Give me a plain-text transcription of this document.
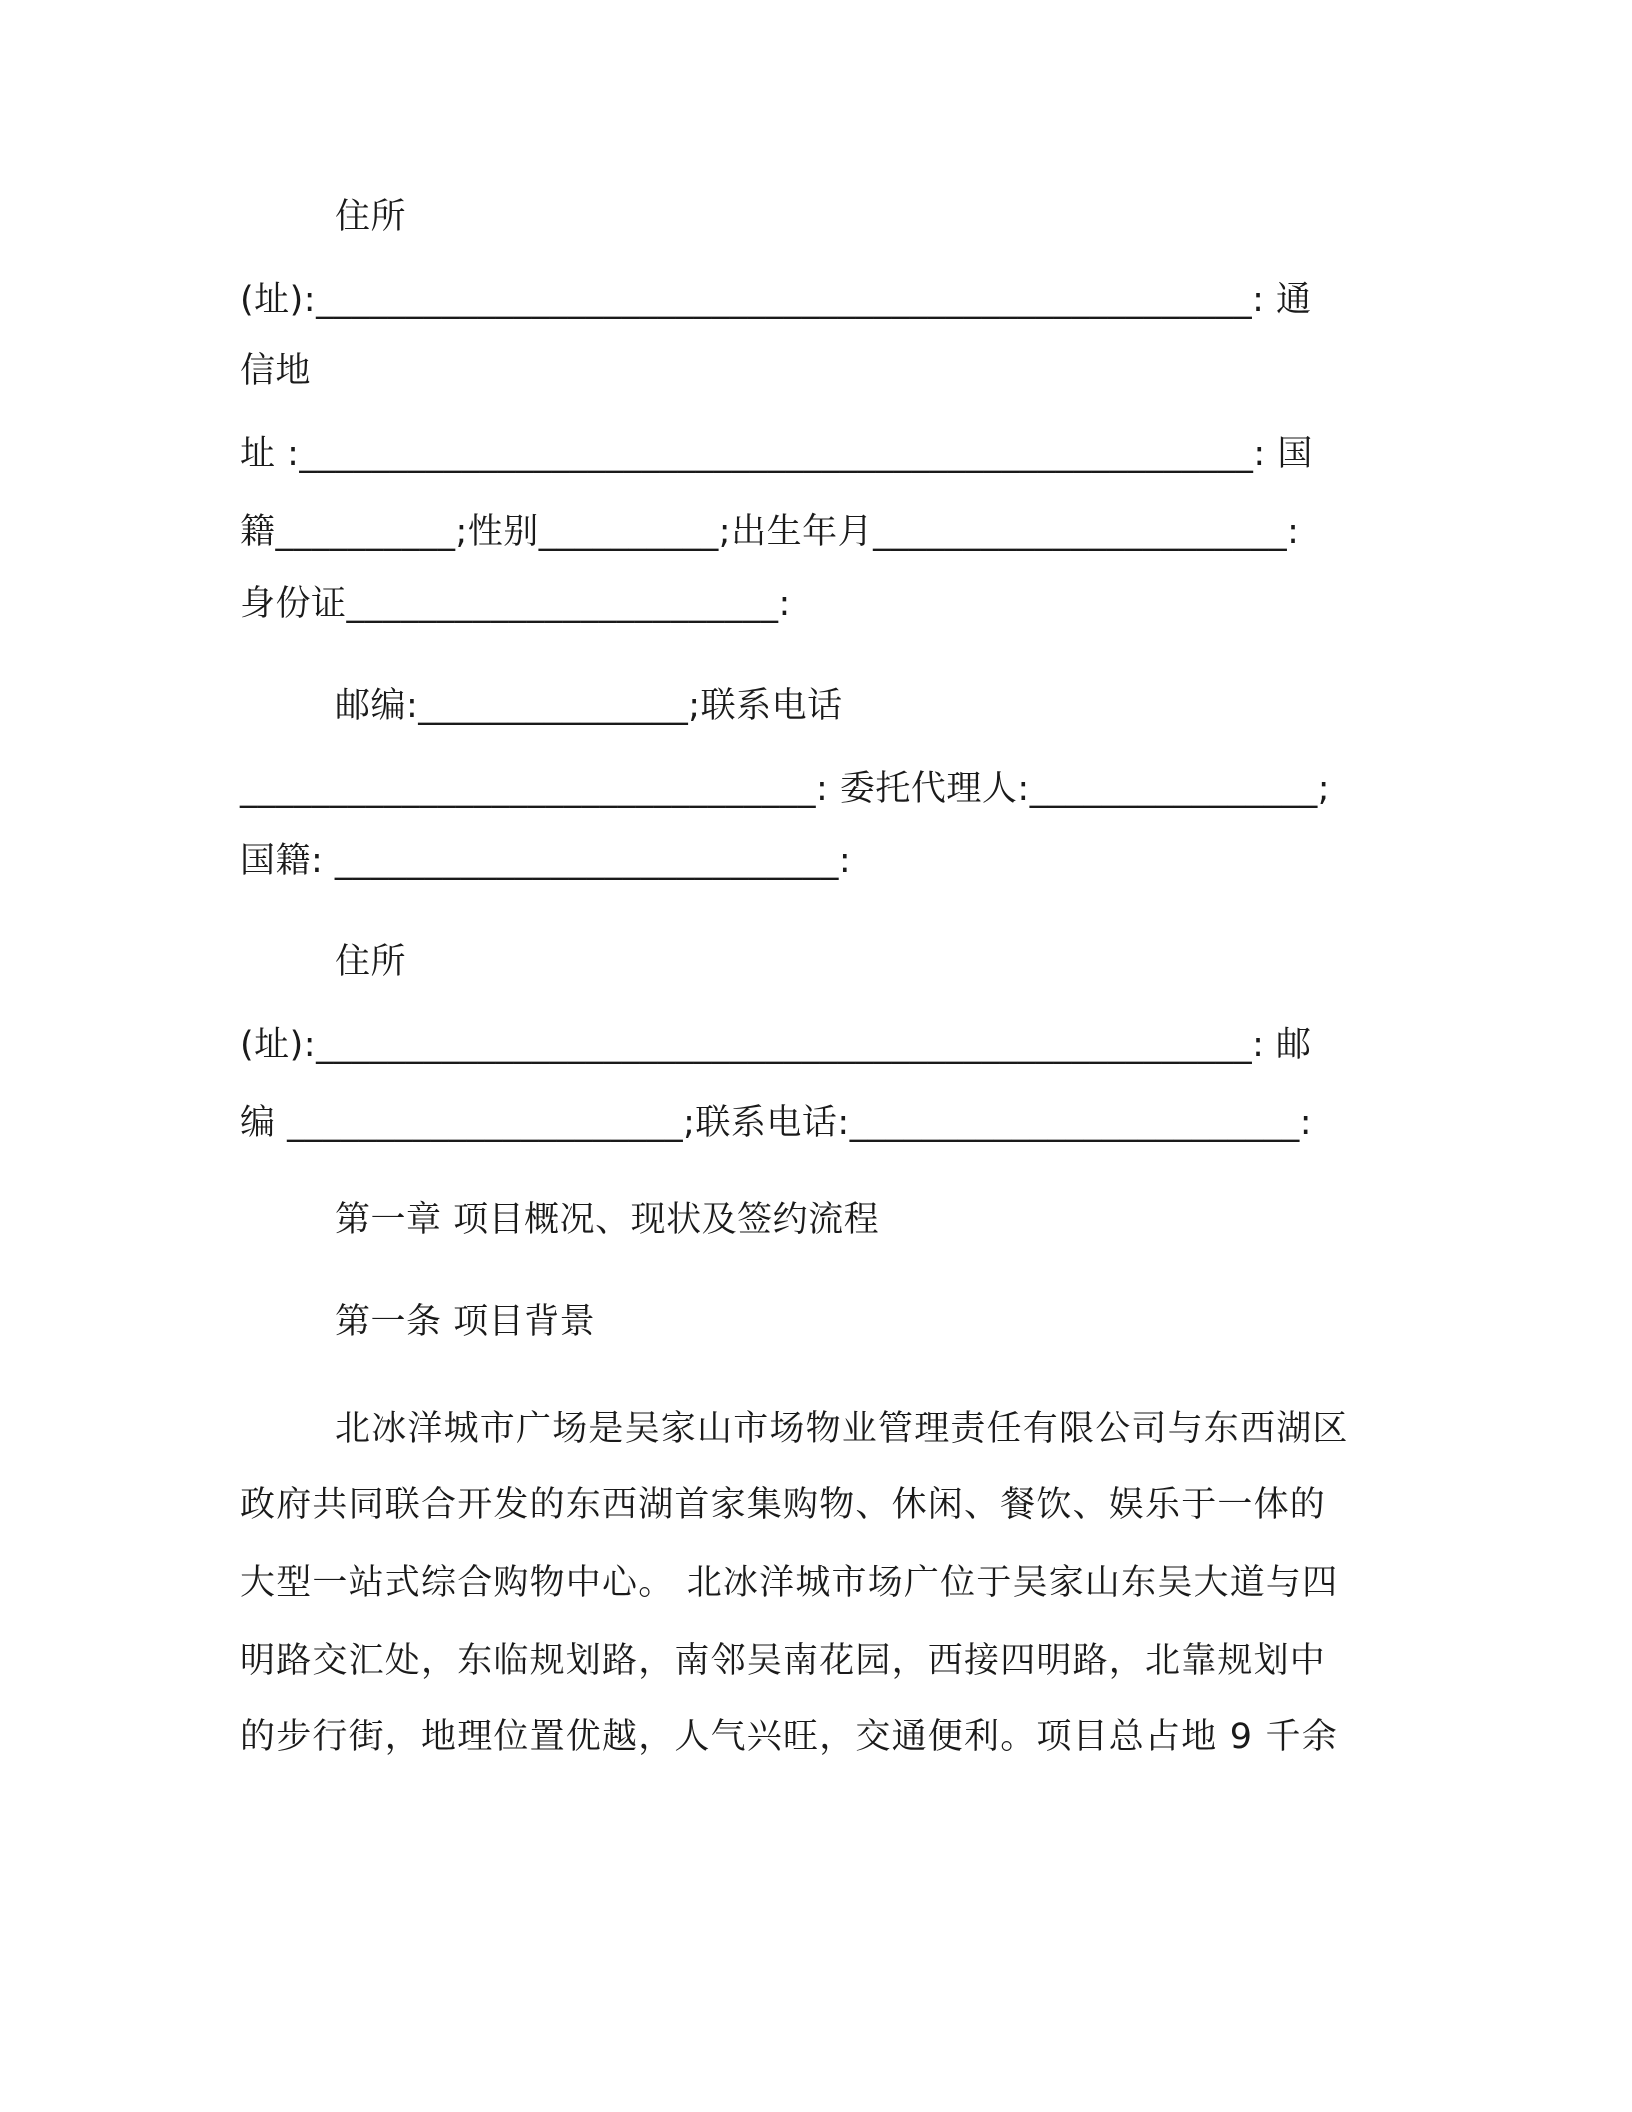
住所
(址):____________________________________________________: 通
信地
址 :_____________________________________________________: 国
籍__________;性别__________;出生年月_______________________:
身份证________________________:
邮编:_______________;联系电话
________________________________: 委托代理人:________________;
国籍: ____________________________:
住所
(址):____________________________________________________: 邮
编 ______________________;联系电话:_________________________:
第一章 项目概况、现状及签约流程
第一条 项目背景
北冰洋城市广场是吴家山市场物业管理责任有限公司与东西湖区
政府共同联合开发的东西湖首家集购物、休闲、餐饮、娱乐于一体的
大型一站式综合购物中心。 北冰洋城市场广位于吴家山东吴大道与四
明路交汇处，东临规划路，南邻吴南花园，西接四明路，北靠规划中
的步行街，地理位置优越，人气兴旺，交通便利。项目总占地 9 千余
